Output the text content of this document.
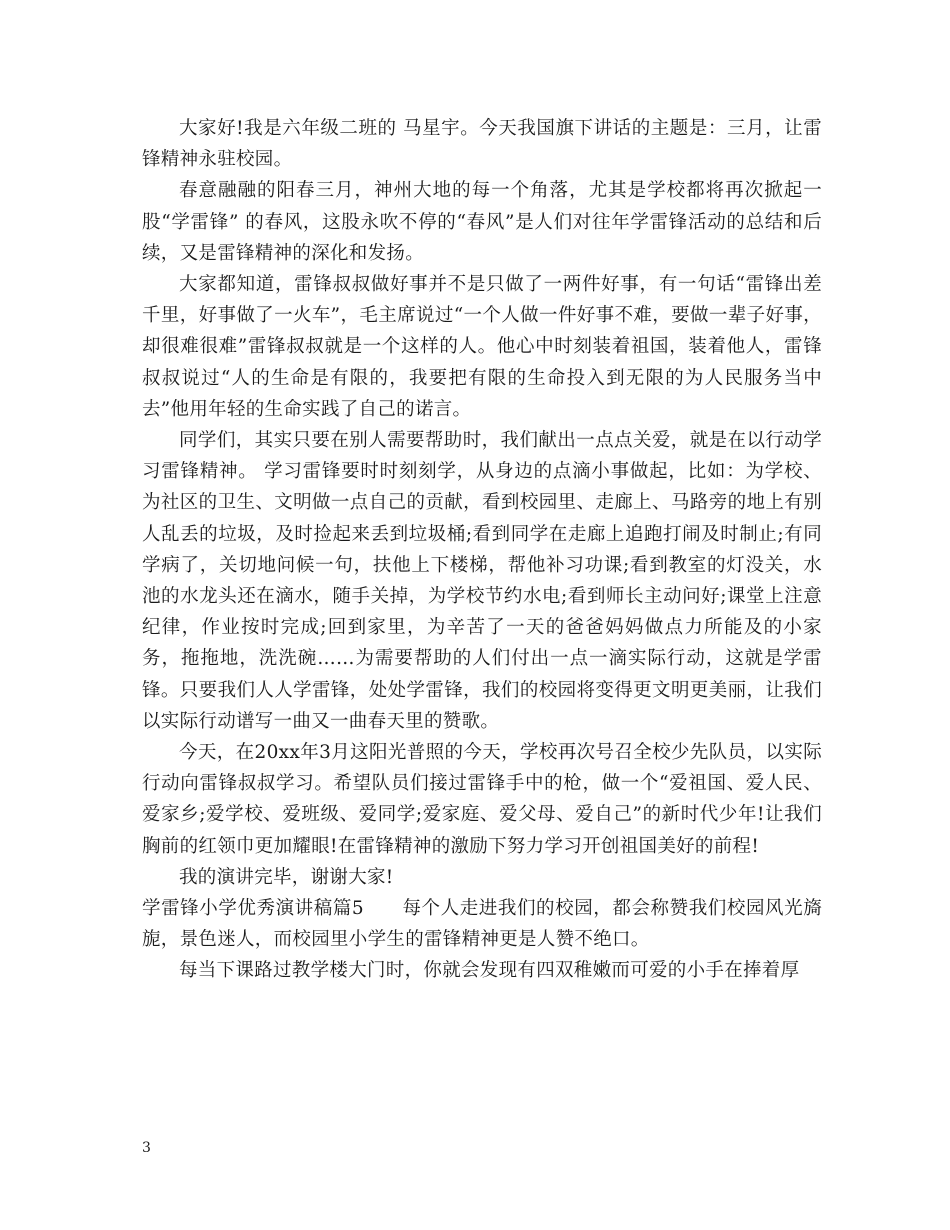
大家好!我是六年级二班的 马星宇。今天我国旗下讲话的主题是：三月，让雷锋精神永驻校园。

春意融融的阳春三月，神州大地的每一个角落，尤其是学校都将再次掀起一股“学雷锋” 的春风，这股永吹不停的“春风”是人们对往年学雷锋活动的总结和后续，又是雷锋精神的深化和发扬。

大家都知道，雷锋叔叔做好事并不是只做了一两件好事，有一句话“雷锋出差千里，好事做了一火车”，毛主席说过“一个人做一件好事不难，要做一辈子好事，却很难很难”雷锋叔叔就是一个这样的人。他心中时刻装着祖国，装着他人，雷锋叔叔说过“人的生命是有限的，我要把有限的生命投入到无限的为人民服务当中去”他用年轻的生命实践了自己的诺言。

同学们，其实只要在别人需要帮助时，我们献出一点点关爱，就是在以行动学习雷锋精神。 学习雷锋要时时刻刻学，从身边的点滴小事做起，比如：为学校、为社区的卫生、文明做一点自己的贡献，看到校园里、走廊上、马路旁的地上有别人乱丢的垃圾，及时捡起来丢到垃圾桶;看到同学在走廊上追跑打闹及时制止;有同学病了，关切地问候一句，扶他上下楼梯，帮他补习功课;看到教室的灯没关，水池的水龙头还在滴水，随手关掉，为学校节约水电;看到师长主动问好;课堂上注意纪律，作业按时完成;回到家里，为辛苦了一天的爸爸妈妈做点力所能及的小家务，拖拖地，洗洗碗……为需要帮助的人们付出一点一滴实际行动，这就是学雷锋。只要我们人人学雷锋，处处学雷锋，我们的校园将变得更文明更美丽，让我们以实际行动谱写一曲又一曲春天里的赞歌。

今天，在20xx年3月这阳光普照的今天，学校再次号召全校少先队员，以实际行动向雷锋叔叔学习。希望队员们接过雷锋手中的枪，做一个“爱祖国、爱人民、爱家乡;爱学校、爱班级、爱同学;爱家庭、爱父母、爱自己”的新时代少年!让我们胸前的红领巾更加耀眼!在雷锋精神的激励下努力学习开创祖国美好的前程!

我的演讲完毕，谢谢大家!

学雷锋小学优秀演讲稿篇5　　每个人走进我们的校园，都会称赞我们校园风光旖旎，景色迷人，而校园里小学生的雷锋精神更是人赞不绝口。

每当下课路过教学楼大门时，你就会发现有四双稚嫩而可爱的小手在捧着厚

3
